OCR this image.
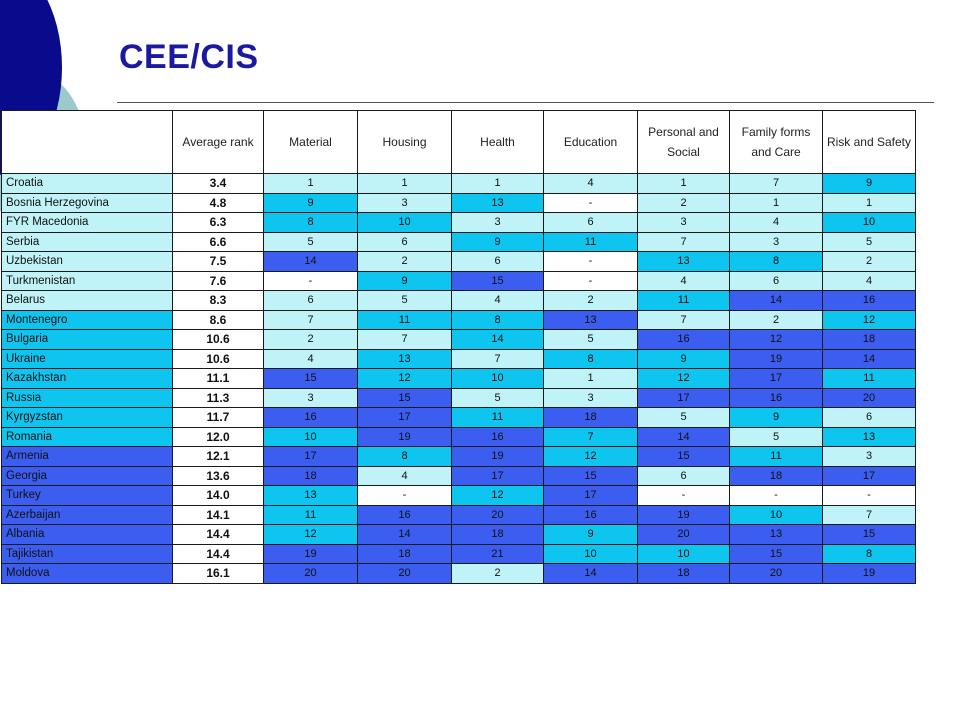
CEE/CIS
	Average rank	Material	Housing	Health	Education	Personal and Social	Family forms and Care	Risk and Safety
Croatia	3.4	1	1	1	4	1	7	9
Bosnia Herzegovina	4.8	9	3	13	-	2	1	1
FYR Macedonia	6.3	8	10	3	6	3	4	10
Serbia	6.6	5	6	9	11	7	3	5
Uzbekistan	7.5	14	2	6	-	13	8	2
Turkmenistan	7.6	-	9	15	-	4	6	4
Belarus	8.3	6	5	4	2	11	14	16
Montenegro	8.6	7	11	8	13	7	2	12
Bulgaria	10.6	2	7	14	5	16	12	18
Ukraine	10.6	4	13	7	8	9	19	14
Kazakhstan	11.1	15	12	10	1	12	17	11
Russia	11.3	3	15	5	3	17	16	20
Kyrgyzstan	11.7	16	17	11	18	5	9	6
Romania	12.0	10	19	16	7	14	5	13
Armenia	12.1	17	8	19	12	15	11	3
Georgia	13.6	18	4	17	15	6	18	17
Turkey	14.0	13	-	12	17	-	-	-
Azerbaijan	14.1	11	16	20	16	19	10	7
Albania	14.4	12	14	18	9	20	13	15
Tajikistan	14.4	19	18	21	10	10	15	8
Moldova	16.1	20	20	2	14	18	20	19
